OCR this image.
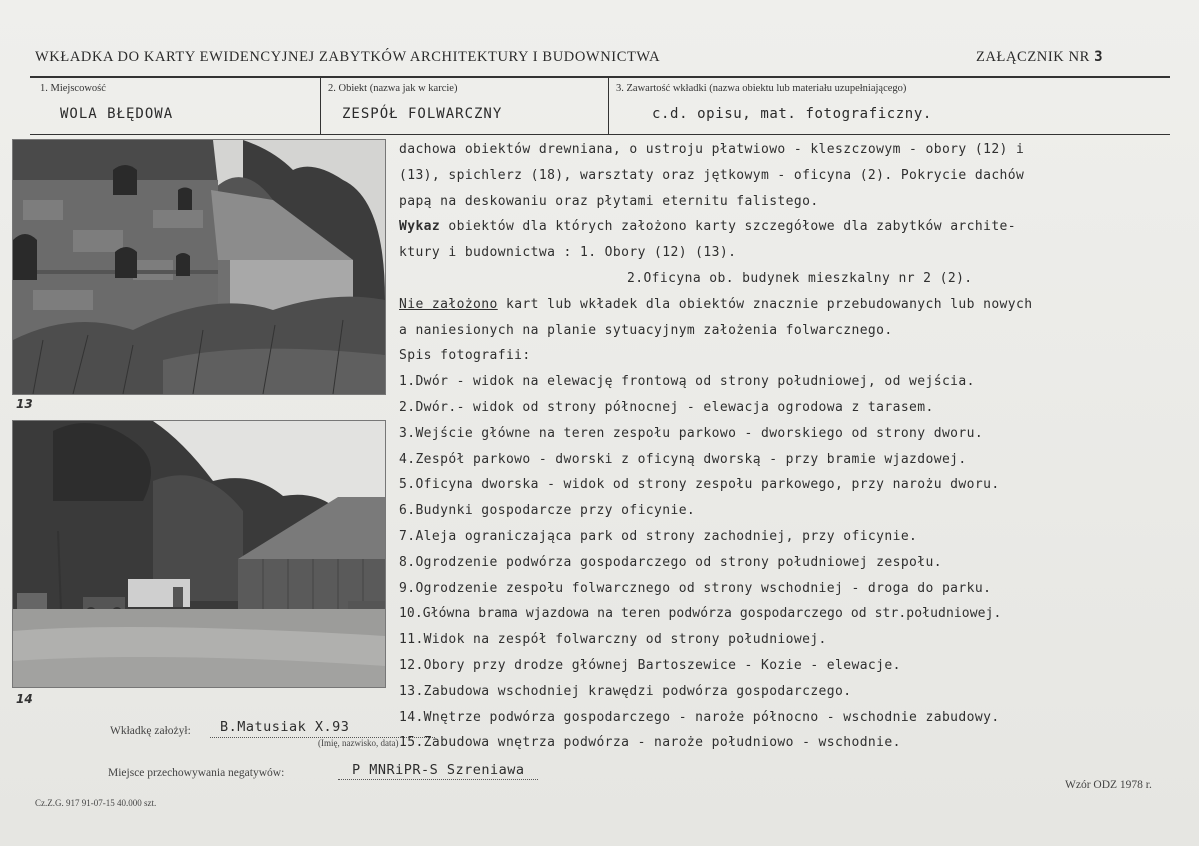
WKŁADKA DO KARTY EWIDENCYJNEJ ZABYTKÓW ARCHITEKTURY I BUDOWNICTWA	ZAŁĄCZNIK NR 3
1. Miejscowość
WOLA BŁĘDOWA
2. Obiekt (nazwa jak w karcie)
ZESPÓŁ FOLWARCZNY
3. Zawartość wkładki (nazwa obiektu lub materiału uzupełniającego)
c.d. opisu, mat. fotograficzny.
13
14
dachowa obiektów drewniana, o ustroju płatwiowo - kleszczowym - obory (12) i
(13), spichlerz (18), warsztaty oraz jętkowym - oficyna (2). Pokrycie dachów
papą na deskowaniu oraz płytami eternitu falistego.
Wykaz obiektów dla których założono karty szczegółowe dla zabytków archite-
ktury i budownictwa : 1. Obory (12) (13).
2.Oficyna ob. budynek mieszkalny nr 2 (2).
Nie założono kart lub wkładek dla obiektów znacznie przebudowanych lub nowych
a naniesionych na planie sytuacyjnym założenia folwarcznego.
Spis fotografii:
1.Dwór - widok na elewację frontową od strony południowej, od wejścia.
2.Dwór.- widok od strony północnej - elewacja ogrodowa z tarasem.
3.Wejście główne na teren zespołu parkowo - dworskiego od strony dworu.
4.Zespół parkowo - dworski z oficyną dworską - przy bramie wjazdowej.
5.Oficyna dworska - widok od strony zespołu parkowego, przy narożu dworu.
6.Budynki gospodarcze przy oficynie.
7.Aleja ograniczająca park od strony zachodniej, przy oficynie.
8.Ogrodzenie podwórza gospodarczego od strony południowej zespołu.
9.Ogrodzenie zespołu folwarcznego od strony wschodniej - droga do parku.
10.Główna brama wjazdowa na teren podwórza gospodarczego od str.południowej.
11.Widok na zespół folwarczny od strony południowej.
12.Obory przy drodze głównej Bartoszewice - Kozie - elewacje.
13.Zabudowa wschodniej krawędzi podwórza gospodarczego.
14.Wnętrze podwórza gospodarczego - naroże północno - wschodnie zabudowy.
15.Zabudowa wnętrza podwórza - naroże południowo - wschodnie.
Wkładkę założył: B.Matusiak X.93
(Imię, nazwisko, data)
Miejsce przechowywania negatywów:	P MNRiPR-S Szreniawa
Wzór ODZ 1978 r.
Cz.Z.G. 917 91-07-15 40.000 szt.
